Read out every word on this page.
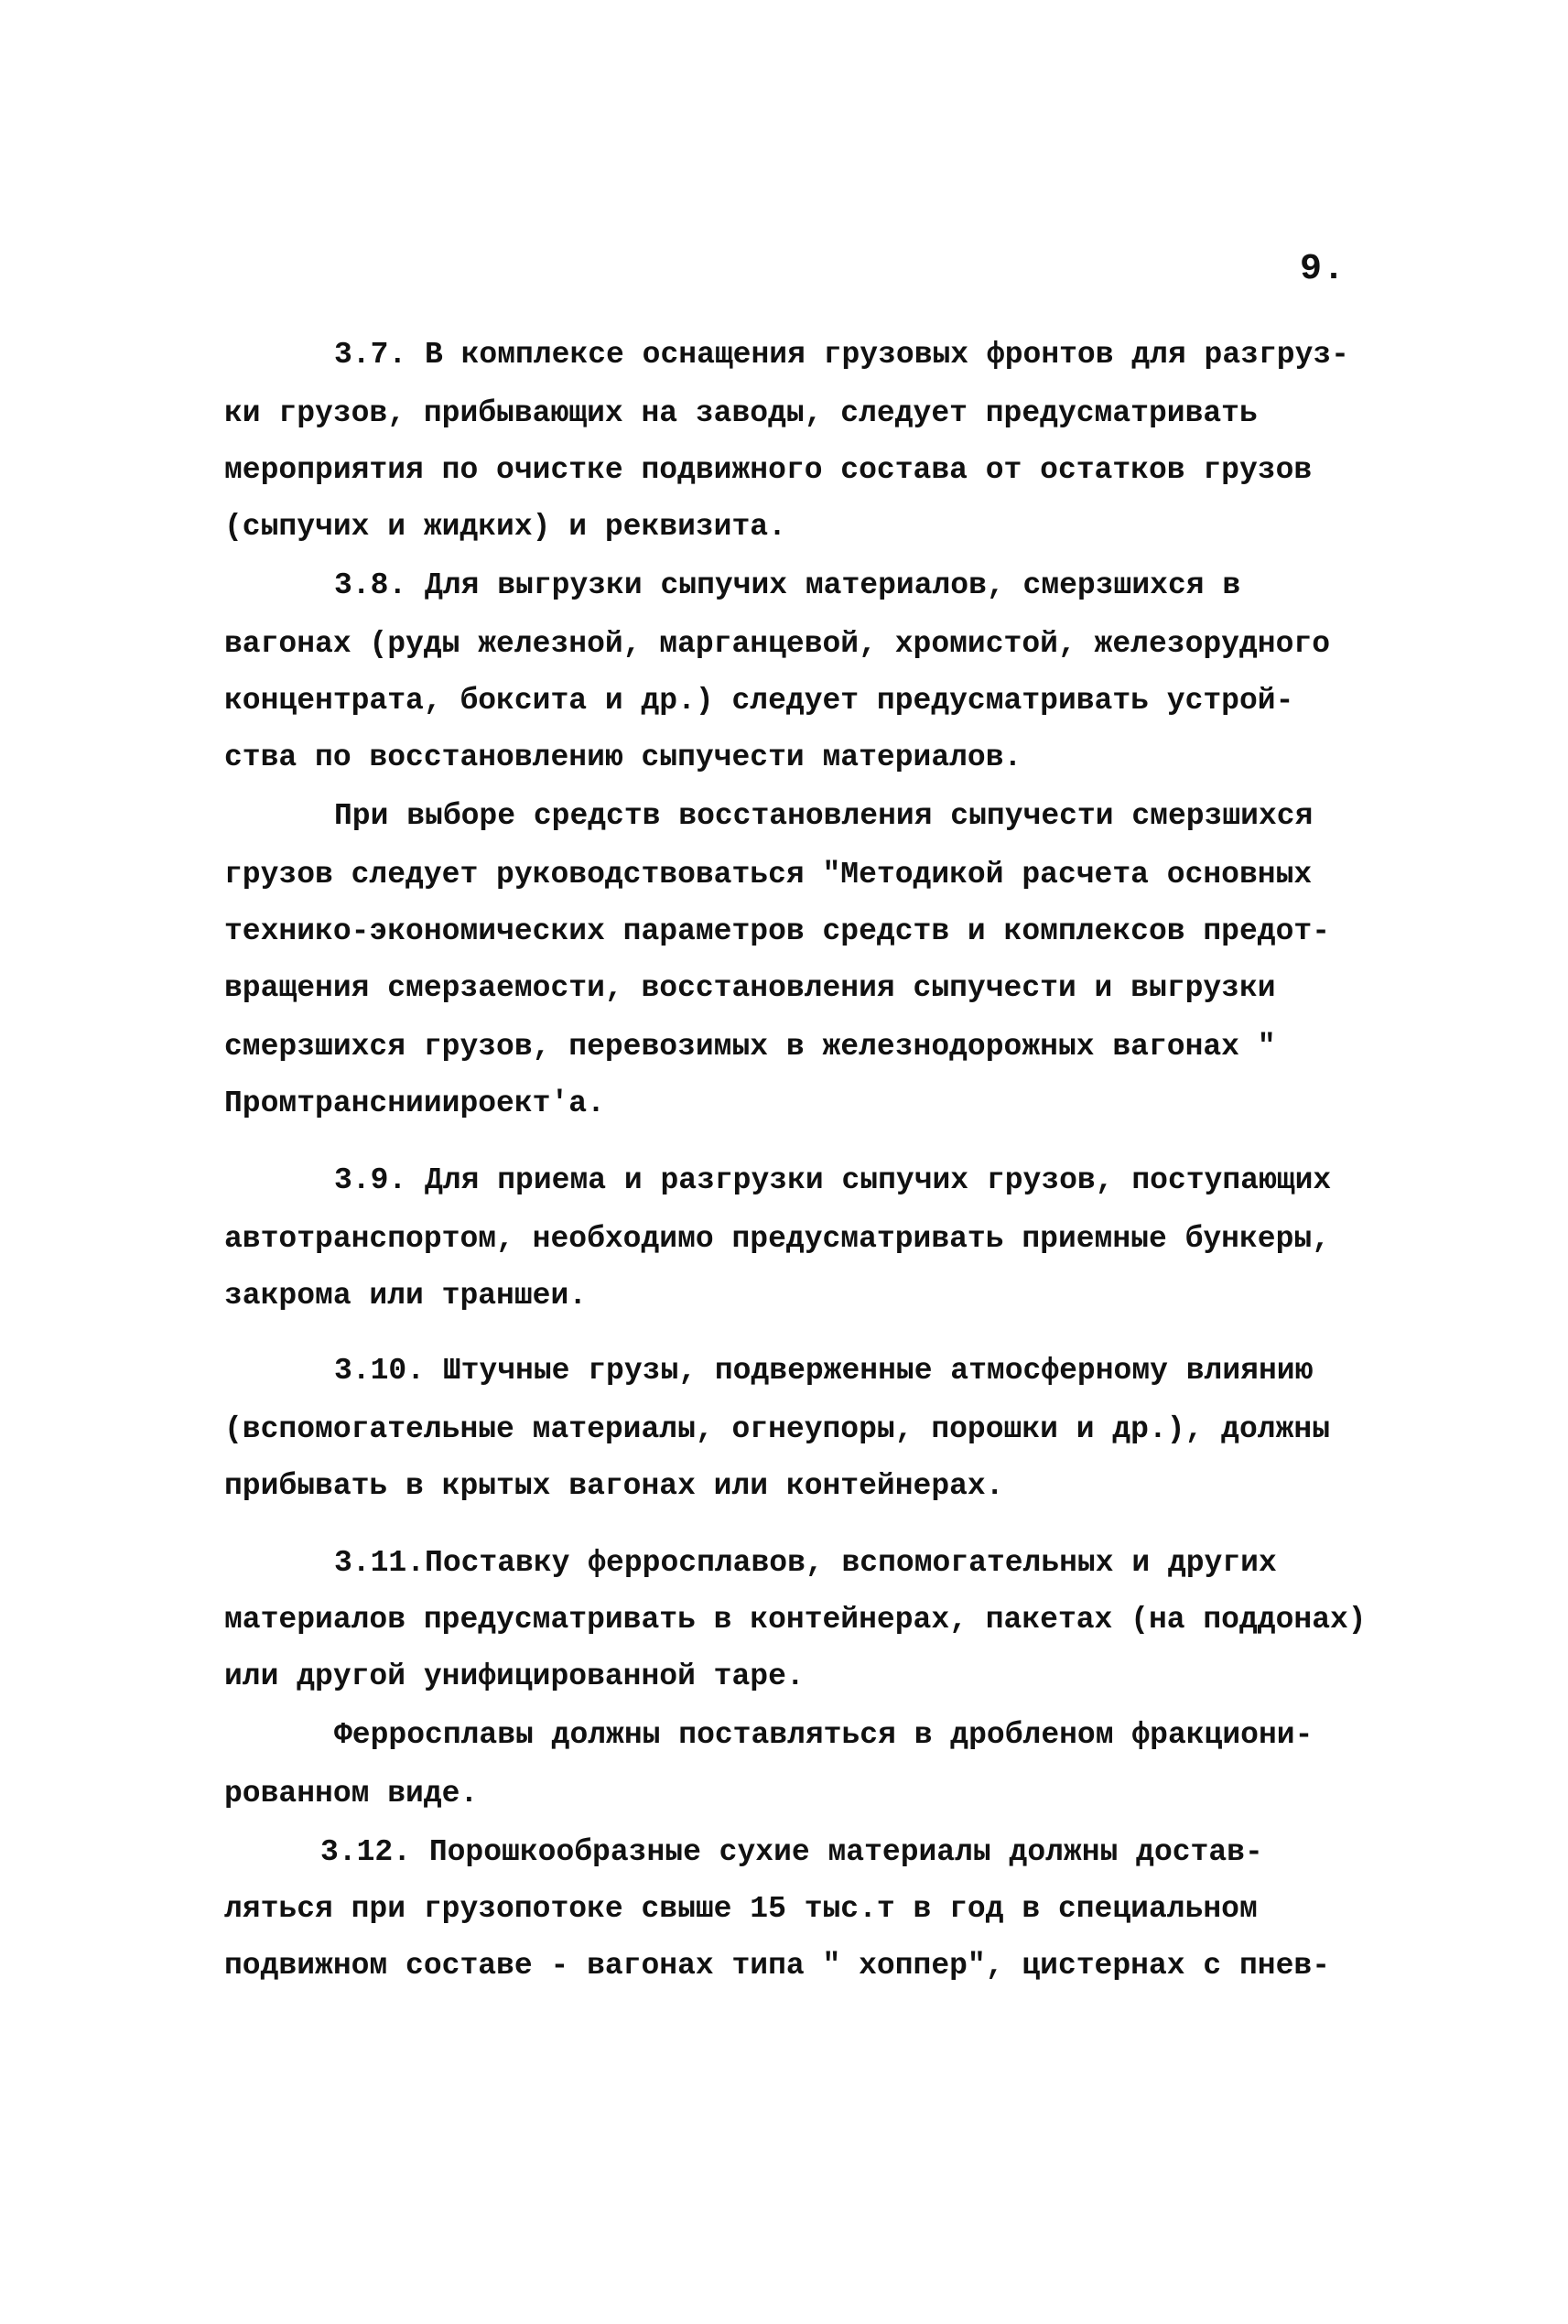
9.
3.7. В комплексе оснащения грузовых фронтов для разгруз-
ки грузов, прибывающих на заводы, следует предусматривать
мероприятия по очистке подвижного состава от остатков грузов
(сыпучих и жидких) и реквизита.
3.8. Для выгрузки сыпучих материалов, смерзшихся в
вагонах (руды железной, марганцевой, хромистой, железорудного
концентрата, боксита и др.) следует предусматривать устрой-
ства по восстановлению сыпучести материалов.
При выборе средств восстановления сыпучести смерзшихся
грузов следует руководствоваться "Методикой расчета основных
технико-экономических параметров средств и комплексов предот-
вращения смерзаемости, восстановления сыпучести и выгрузки
смерзшихся грузов, перевозимых в железнодорожных вагонах "
Промтранснииироект'а.
3.9. Для приема и разгрузки сыпучих грузов, поступающих
автотранспортом, необходимо предусматривать приемные бункеры,
закрома или траншеи.
3.10. Штучные грузы, подверженные атмосферному влиянию
(вспомогательные материалы, огнеупоры, порошки и др.), должны
прибывать в крытых вагонах или контейнерах.
3.11.Поставку ферросплавов, вспомогательных и других
материалов предусматривать в контейнерах, пакетах (на поддонах)
или другой унифицированной таре.
Ферросплавы должны поставляться в дробленом фракциони-
рованном виде.
3.12. Порошкообразные сухие материалы должны достав-
ляться при грузопотоке свыше 15 тыс.т в год в специальном
подвижном составе - вагонах типа " хоппер", цистернах с пнев-
